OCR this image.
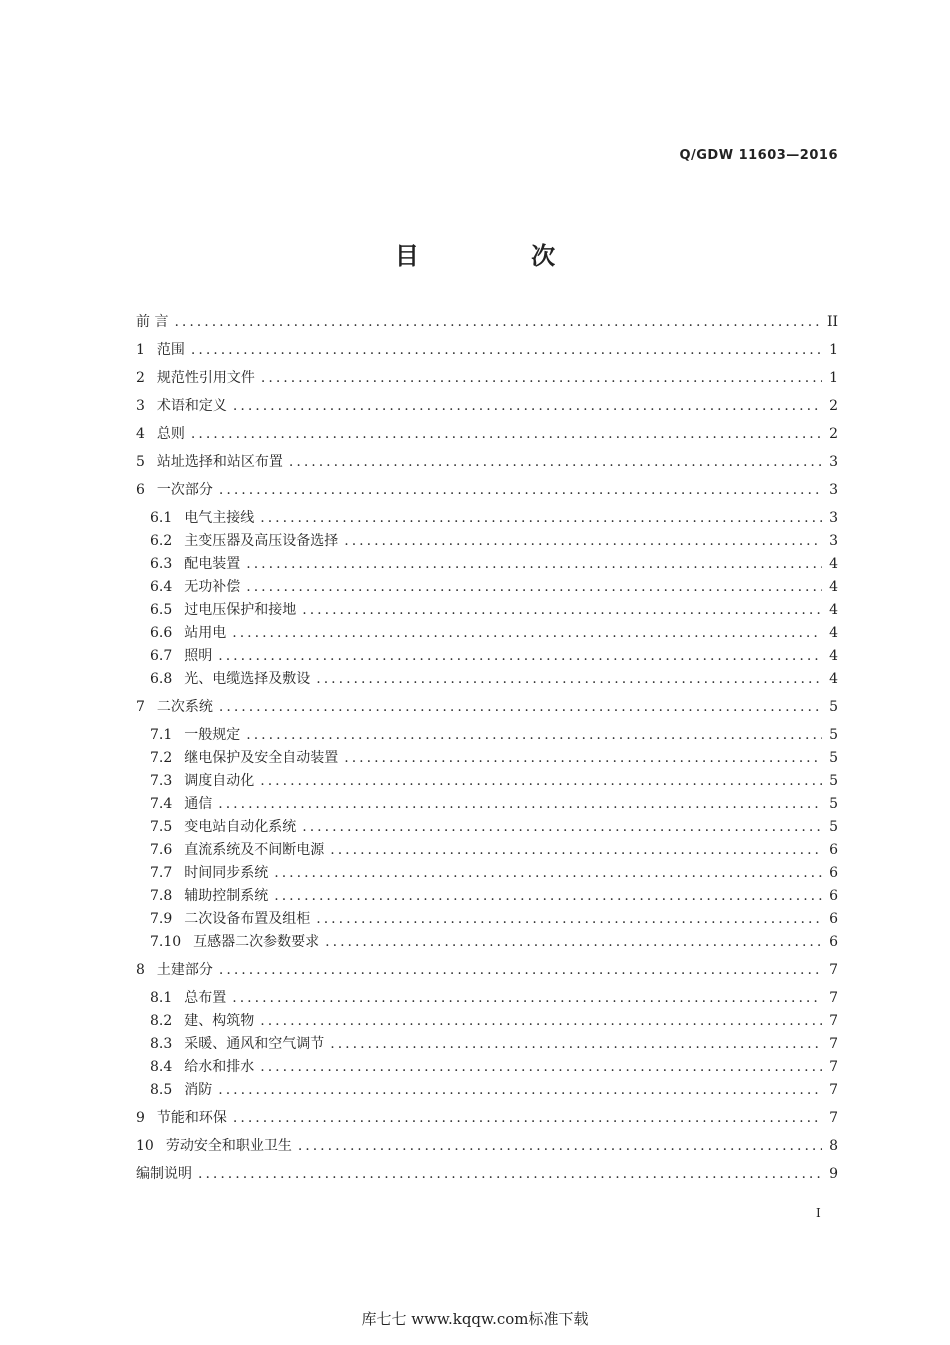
Q/GDW 11603—2016
目 次
前 言 .....	II
1 范围 .....	1
2 规范性引用文件 .....	1
3 术语和定义 .....	2
4 总则 .....	2
5 站址选择和站区布置 .....	3
6 一次部分 .....	3
6.1 电气主接线 .....	3
6.2 主变压器及高压设备选择 .....	3
6.3 配电装置 .....	4
6.4 无功补偿 .....	4
6.5 过电压保护和接地 .....	4
6.6 站用电 .....	4
6.7 照明 .....	4
6.8 光、电缆选择及敷设 .....	4
7 二次系统 .....	5
7.1 一般规定 .....	5
7.2 继电保护及安全自动装置 .....	5
7.3 调度自动化 .....	5
7.4 通信 .....	5
7.5 变电站自动化系统 .....	5
7.6 直流系统及不间断电源 .....	6
7.7 时间同步系统 .....	6
7.8 辅助控制系统 .....	6
7.9 二次设备布置及组柜 .....	6
7.10 互感器二次参数要求 .....	6
8 土建部分 .....	7
8.1 总布置 .....	7
8.2 建、构筑物 .....	7
8.3 采暖、通风和空气调节 .....	7
8.4 给水和排水 .....	7
8.5 消防 .....	7
9 节能和环保 .....	7
10 劳动安全和职业卫生 .....	8
编制说明 .....	9
I
库七七 www.kqqw.com标准下载
